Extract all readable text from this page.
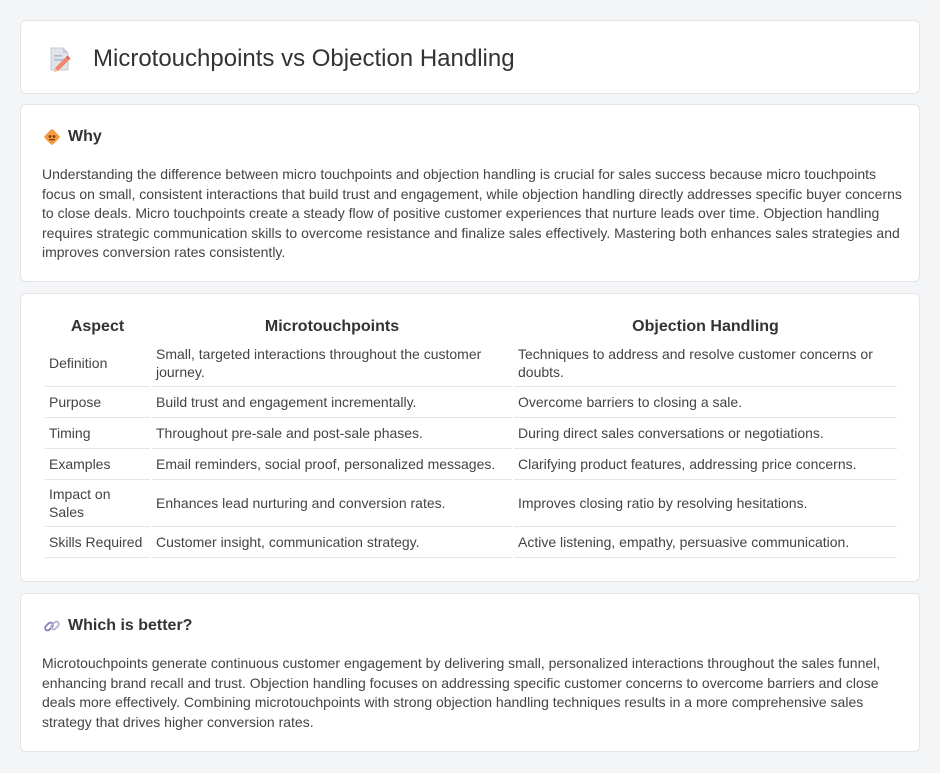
Microtouchpoints vs Objection Handling
Why

Understanding the difference between micro touchpoints and objection handling is crucial for sales success because micro touchpoints focus on small, consistent interactions that build trust and engagement, while objection handling directly addresses specific buyer concerns to close deals. Micro touchpoints create a steady flow of positive customer experiences that nurture leads over time. Objection handling requires strategic communication skills to overcome resistance and finalize sales effectively. Mastering both enhances sales strategies and improves conversion rates consistently.

Aspect	Microtouchpoints	Objection Handling
Definition	Small, targeted interactions throughout the customer journey.	Techniques to address and resolve customer concerns or doubts.
Purpose	Build trust and engagement incrementally.	Overcome barriers to closing a sale.
Timing	Throughout pre-sale and post-sale phases.	During direct sales conversations or negotiations.
Examples	Email reminders, social proof, personalized messages.	Clarifying product features, addressing price concerns.
Impact on Sales	Enhances lead nurturing and conversion rates.	Improves closing ratio by resolving hesitations.
Skills Required	Customer insight, communication strategy.	Active listening, empathy, persuasive communication.
Which is better?

Microtouchpoints generate continuous customer engagement by delivering small, personalized interactions throughout the sales funnel, enhancing brand recall and trust. Objection handling focuses on addressing specific customer concerns to overcome barriers and close deals more effectively. Combining microtouchpoints with strong objection handling techniques results in a more comprehensive sales strategy that drives higher conversion rates.
